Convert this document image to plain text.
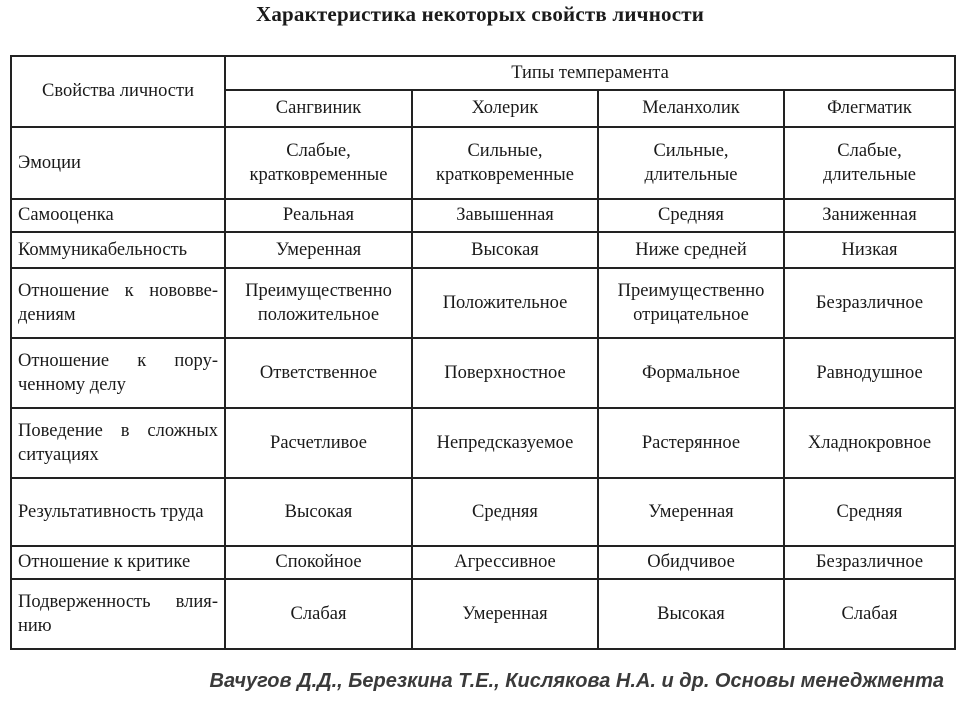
Характеристика некоторых свойств личности
Свойства личности	Типы темперамента			
	Сангвиник	Холерик	Меланхолик	Флегматик
Эмоции	Слабые, кратковременные	Сильные, кратковременные	Сильные, длительные	Слабые, длительные
Самооценка	Реальная	Завышенная	Средняя	Заниженная
Коммуникабельность	Умеренная	Высокая	Ниже средней	Низкая
Отношение к нововведениям	Преимущественно положительное	Положительное	Преимущественно отрицательное	Безразличное
Отношение к порученному делу	Ответственное	Поверхностное	Формальное	Равнодушное
Поведение в сложных ситуациях	Расчетливое	Непредсказуемое	Растерянное	Хладнокровное
Результативность труда	Высокая	Средняя	Умеренная	Средняя
Отношение к критике	Спокойное	Агрессивное	Обидчивое	Безразличное
Подверженность влиянию	Слабая	Умеренная	Высокая	Слабая
Вачугов Д.Д., Березкина Т.Е., Кислякова Н.А. и др. Основы менеджмента
